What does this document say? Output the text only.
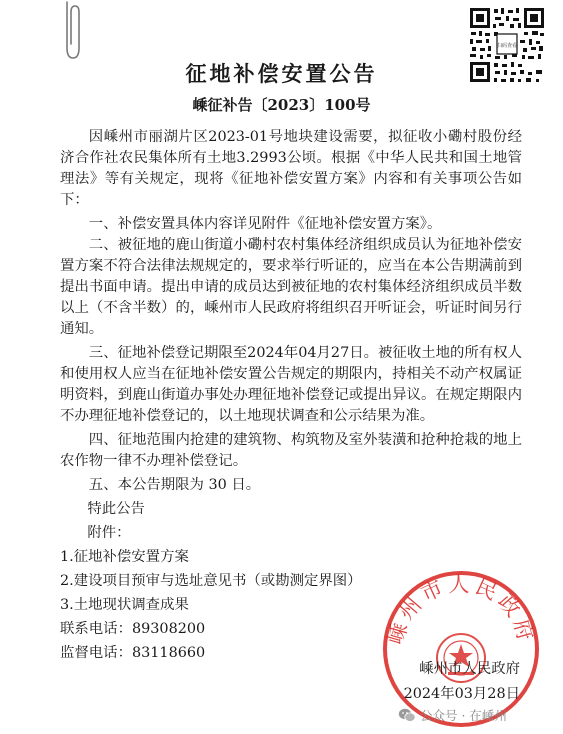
扫码查看
征地补偿安置公告
嵊征补告〔2023〕100号

因嵊州市丽湖片区2023-01号地块建设需要，拟征收小磡村股份经济合作社农民集体所有土地3.2993公顷。根据《中华人民共和国土地管理法》等有关规定，现将《征地补偿安置方案》内容和有关事项公告如下：

一、补偿安置具体内容详见附件《征地补偿安置方案》。

二、被征地的鹿山街道小磡村农村集体经济组织成员认为征地补偿安置方案不符合法律法规规定的，要求举行听证的，应当在本公告期满前到提出书面申请。提出申请的成员达到被征地的农村集体经济组织成员半数以上（不含半数）的，嵊州市人民政府将组织召开听证会，听证时间另行通知。

三、征地补偿登记期限至2024年04月27日。被征收土地的所有权人和使用权人应当在征地补偿安置公告规定的期限内，持相关不动产权属证明资料，到鹿山街道办事处办理征地补偿登记或提出异议。在规定期限内不办理征地补偿登记的，以土地现状调查和公示结果为准。

四、征地范围内抢建的建筑物、构筑物及室外装潢和抢种抢栽的地上农作物一律不办理补偿登记。

五、本公告期限为 30 日。

特此公告

附件：

1.征地补偿安置方案

2.建设项目预审与选址意见书（或勘测定界图）

3.土地现状调查成果

联系电话：89308200

监督电话：83118660

嵊州市人民政府
嵊州市人民政府
2024年03月28日
公众号 · 在嵊州
